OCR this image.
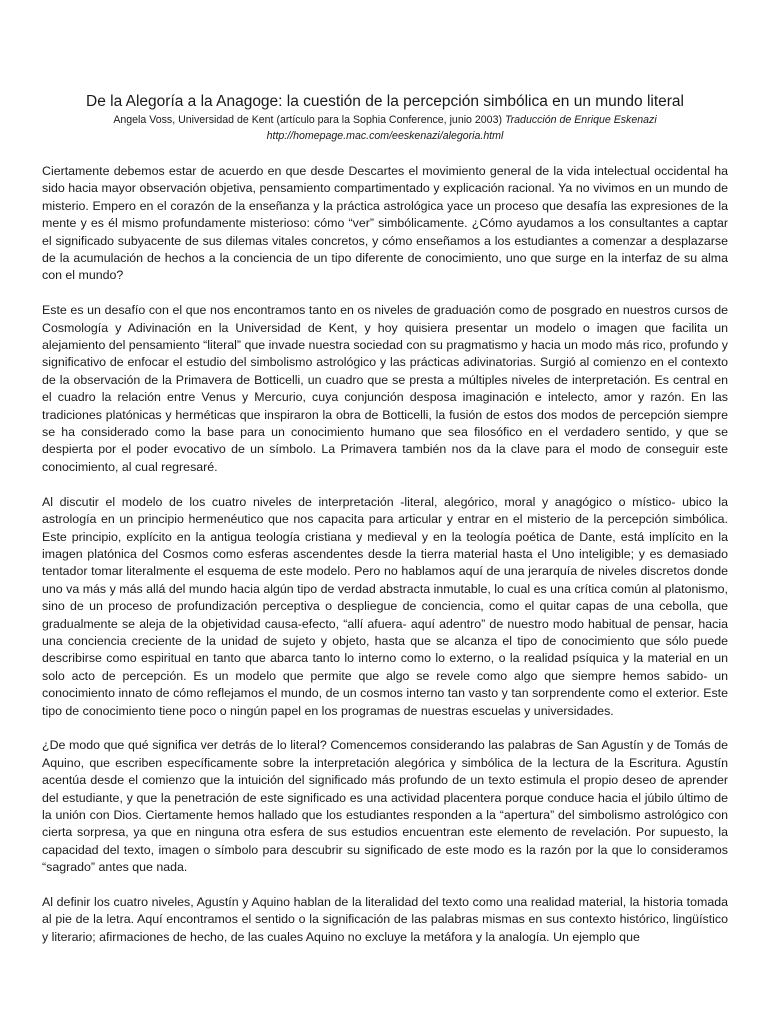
De la Alegoría a la Anagoge: la cuestión de la percepción simbólica en un mundo literal

Angela Voss, Universidad de Kent (artículo para la Sophia Conference, junio 2003) Traducción de Enrique Eskenazi

http://homepage.mac.com/eeskenazi/alegoria.html

Ciertamente debemos estar de acuerdo en que desde Descartes el movimiento general de la vida intelectual occidental ha sido hacia mayor observación objetiva, pensamiento compartimentado y explicación racional. Ya no vivimos en un mundo de misterio. Empero en el corazón de la enseñanza y la práctica astrológica yace un proceso que desafía las expresiones de la mente y es él mismo profundamente misterioso: cómo “ver” simbólicamente. ¿Cómo ayudamos a los consultantes a captar el significado subyacente de sus dilemas vitales concretos, y cómo enseñamos a los estudiantes a comenzar a desplazarse de la acumulación de hechos a la conciencia de un tipo diferente de conocimiento, uno que surge en la interfaz de su alma con el mundo?

Este es un desafío con el que nos encontramos tanto en os niveles de graduación como de posgrado en nuestros cursos de Cosmología y Adivinación en la Universidad de Kent, y hoy quisiera presentar un modelo o imagen que facilita un alejamiento del pensamiento “literal” que invade nuestra sociedad con su pragmatismo y hacia un modo más rico, profundo y significativo de enfocar el estudio del simbolismo astrológico y las prácticas adivinatorias. Surgió al comienzo en el contexto de la observación de la Primavera de Botticelli, un cuadro que se presta a múltiples niveles de interpretación. Es central en el cuadro la relación entre Venus y Mercurio, cuya conjunción desposa imaginación e intelecto, amor y razón. En las tradiciones platónicas y herméticas que inspiraron la obra de Botticelli, la fusión de estos dos modos de percepción siempre se ha considerado como la base para un conocimiento humano que sea filosófico en el verdadero sentido, y que se despierta por el poder evocativo de un símbolo. La Primavera también nos da la clave para el modo de conseguir este conocimiento, al cual regresaré.

Al discutir el modelo de los cuatro niveles de interpretación -literal, alegórico, moral y anagógico o místico- ubico la astrología en un principio hermenéutico que nos capacita para articular y entrar en el misterio de la percepción simbólica. Este principio, explícito en la antigua teología cristiana y medieval y en la teología poética de Dante, está implícito en la imagen platónica del Cosmos como esferas ascendentes desde la tierra material hasta el Uno inteligible; y es demasiado tentador tomar literalmente el esquema de este modelo. Pero no hablamos aquí de una jerarquía de niveles discretos donde uno va más y más allá del mundo hacia algún tipo de verdad abstracta inmutable, lo cual es una crítica común al platonismo, sino de un proceso de profundización perceptiva o despliegue de conciencia, como el quitar capas de una cebolla, que gradualmente se aleja de la objetividad causa-efecto, “allí afuera- aquí adentro” de nuestro modo habitual de pensar, hacia una conciencia creciente de la unidad de sujeto y objeto, hasta que se alcanza el tipo de conocimiento que sólo puede describirse como espiritual en tanto que abarca tanto lo interno como lo externo, o la realidad psíquica y la material en un solo acto de percepción. Es un modelo que permite que algo se revele como algo que siempre hemos sabido- un conocimiento innato de cómo reflejamos el mundo, de un cosmos interno tan vasto y tan sorprendente como el exterior. Este tipo de conocimiento tiene poco o ningún papel en los programas de nuestras escuelas y universidades.

¿De modo que qué significa ver detrás de lo literal? Comencemos considerando las palabras de San Agustín y de Tomás de Aquino, que escriben específicamente sobre la interpretación alegórica y simbólica de la lectura de la Escritura. Agustín acentúa desde el comienzo que la intuición del significado más profundo de un texto estimula el propio deseo de aprender del estudiante, y que la penetración de este significado es una actividad placentera porque conduce hacia el júbilo último de la unión con Dios. Ciertamente hemos hallado que los estudiantes responden a la “apertura” del simbolismo astrológico con cierta sorpresa, ya que en ninguna otra esfera de sus estudios encuentran este elemento de revelación. Por supuesto, la capacidad del texto, imagen o símbolo para descubrir su significado de este modo es la razón por la que lo consideramos “sagrado” antes que nada.

Al definir los cuatro niveles, Agustín y Aquino hablan de la literalidad del texto como una realidad material, la historia tomada al pie de la letra. Aquí encontramos el sentido o la significación de las palabras mismas en sus contexto histórico, lingüístico y literario; afirmaciones de hecho, de las cuales Aquino no excluye la metáfora y la analogía. Un ejemplo que
